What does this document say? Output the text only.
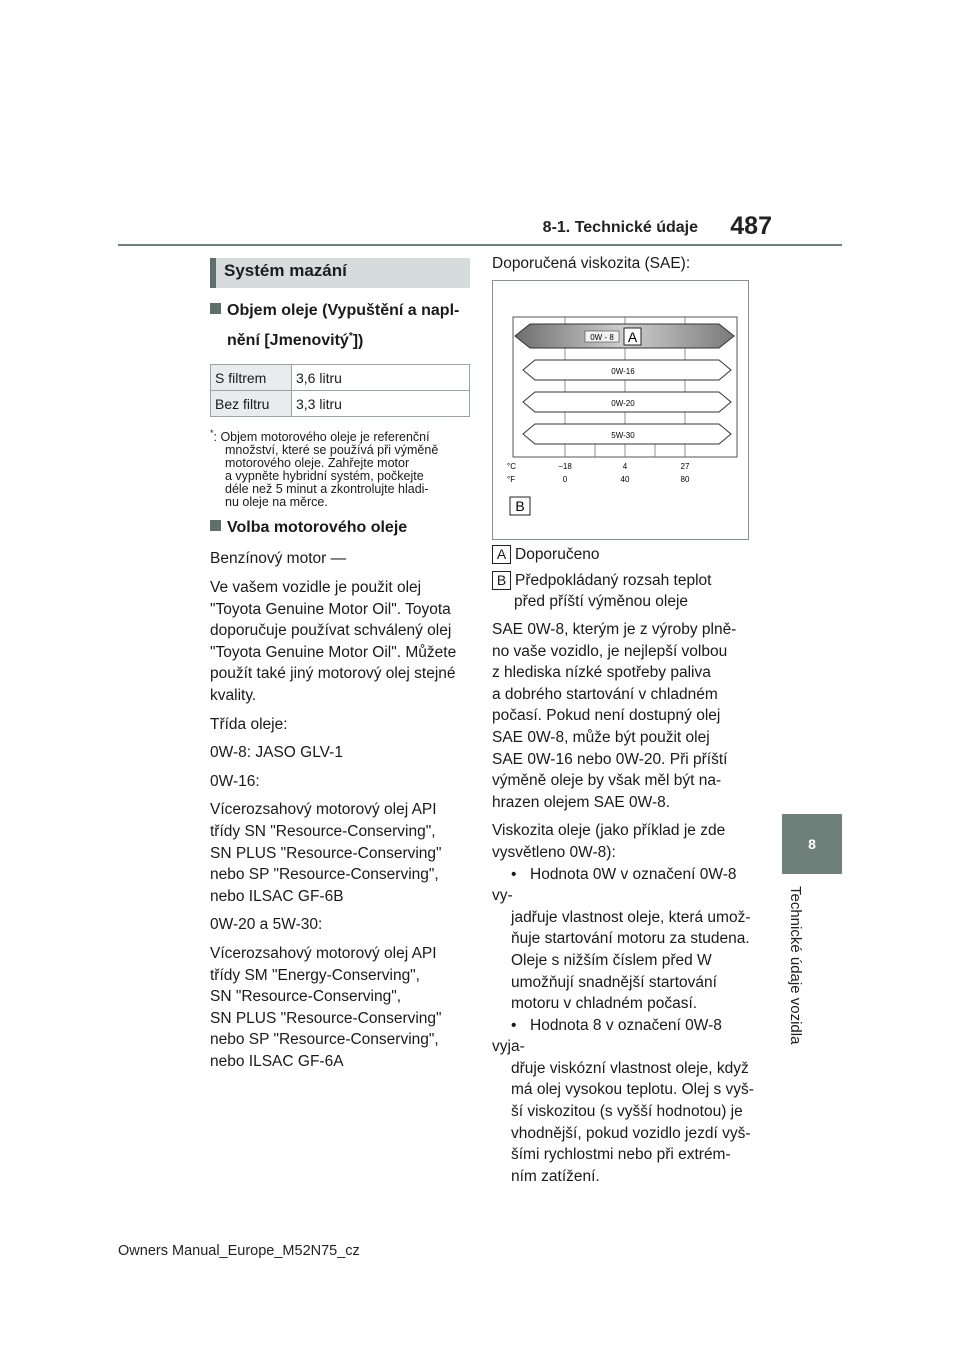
8-1. Technické údaje 487
8
Technické údaje vozidla
Systém mazání
Objem oleje (Vypuštění a napl-
nění [Jmenovitý*])
S filtrem	3,6 litru
Bez filtru	3,3 litru
*: Objem motorového oleje je referenční
množství, které se používá při výměně
motorového oleje. Zahřejte motor
a vypněte hybridní systém, počkejte
déle než 5 minut a zkontrolujte hladi-
nu oleje na měrce.
Volba motorového oleje
Benzínový motor —
Ve vašem vozidle je použit olej
"Toyota Genuine Motor Oil". Toyota
doporučuje používat schválený olej
"Toyota Genuine Motor Oil". Můžete
použít také jiný motorový olej stejné
kvality.
Třída oleje:
0W-8: JASO GLV-1
0W-16:
Vícerozsahový motorový olej API
třídy SN "Resource-Conserving",
SN PLUS "Resource-Conserving"
nebo SP "Resource-Conserving",
nebo ILSAC GF-6B
0W-20 a 5W-30:
Vícerozsahový motorový olej API
třídy SM "Energy-Conserving",
SN "Resource-Conserving",
SN PLUS "Resource-Conserving"
nebo SP "Resource-Conserving",
nebo ILSAC GF-6A
Doporučená viskozita (SAE):
0W - 8 A
0W-16
0W-20
5W-30
°C
°F
−18	4	27
0	40	80
B
A Doporučeno
B Předpokládaný rozsah teplot
před příští výměnou oleje
SAE 0W-8, kterým je z výroby plně-
no vaše vozidlo, je nejlepší volbou
z hlediska nízké spotřeby paliva
a dobrého startování v chladném
počasí. Pokud není dostupný olej
SAE 0W-8, může být použit olej
SAE 0W-16 nebo 0W-20. Při příští
výměně oleje by však měl být na-
hrazen olejem SAE 0W-8.
Viskozita oleje (jako příklad je zde
vysvětleno 0W-8):
• Hodnota 0W v označení 0W-8 vy-
jadřuje vlastnost oleje, která umož-
ňuje startování motoru za studena.
Oleje s nižším číslem před W
umožňují snadnější startování
motoru v chladném počasí.
• Hodnota 8 v označení 0W-8 vyja-
dřuje viskózní vlastnost oleje, když
má olej vysokou teplotu. Olej s vyš-
ší viskozitou (s vyšší hodnotou) je
vhodnější, pokud vozidlo jezdí vyš-
šími rychlostmi nebo při extrém-
ním zatížení.
Owners Manual_Europe_M52N75_cz
